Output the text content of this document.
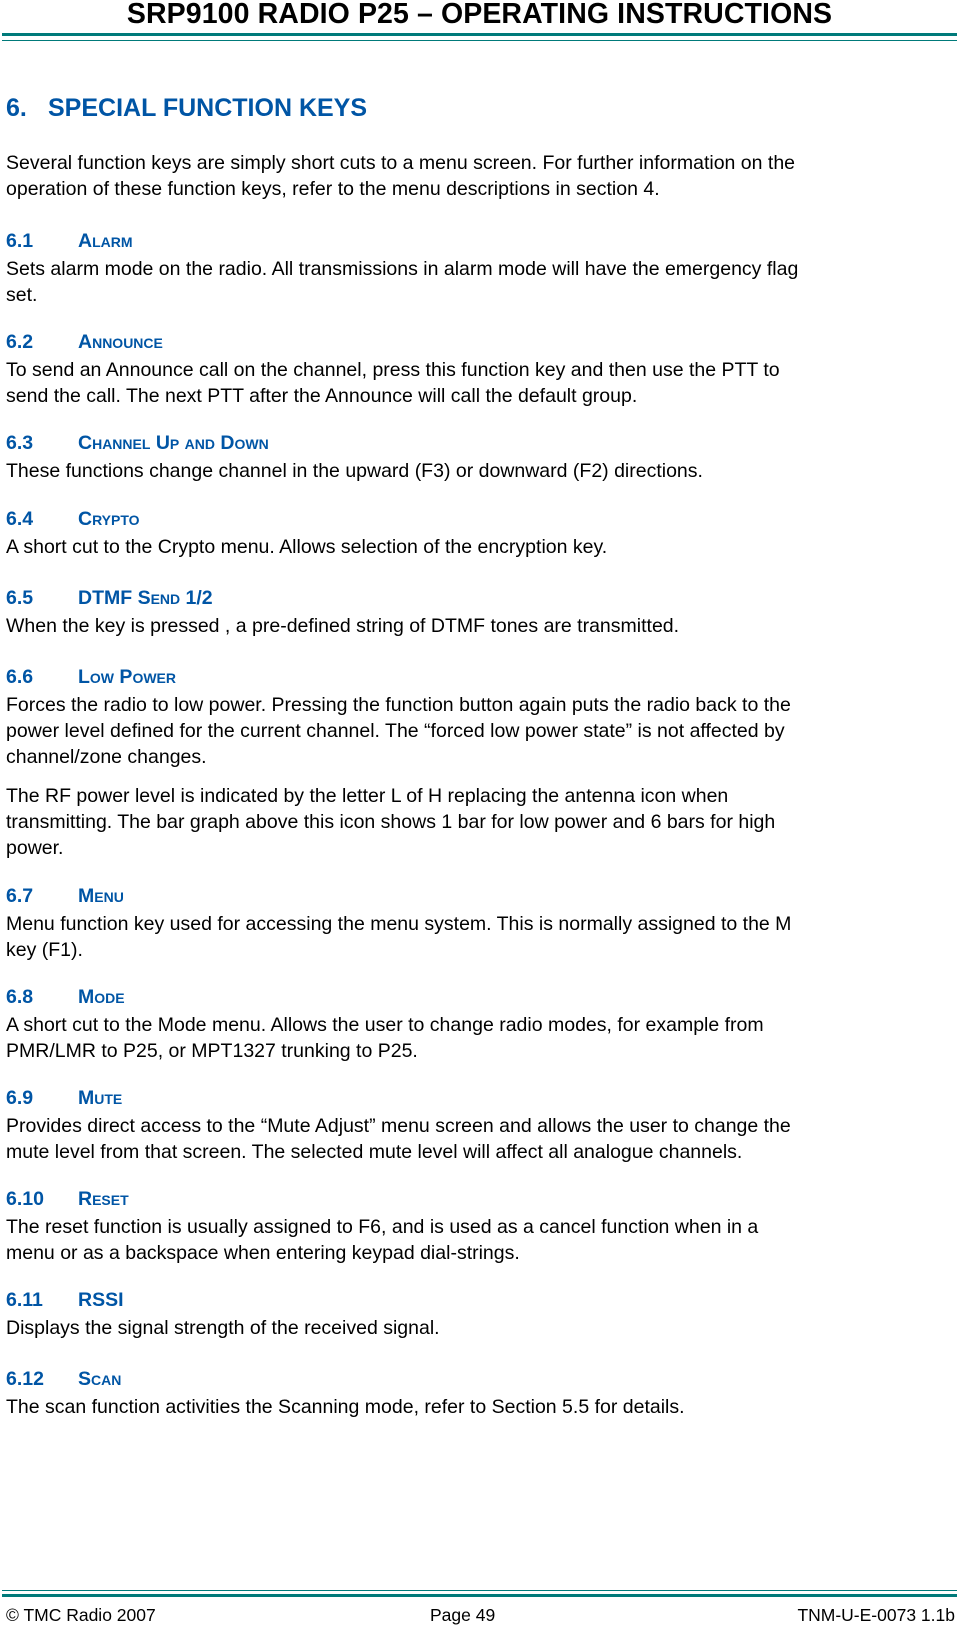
SRP9100 RADIO P25 – OPERATING INSTRUCTIONS
6. SPECIAL FUNCTION KEYS

Several function keys are simply short cuts to a menu screen. For further information on the

operation of these function keys, refer to the menu descriptions in section 4.

6.1 Alarm

Sets alarm mode on the radio. All transmissions in alarm mode will have the emergency flag

set.

6.2 Announce

To send an Announce call on the channel, press this function key and then use the PTT to

send the call. The next PTT after the Announce will call the default group.

6.3 Channel Up and Down

These functions change channel in the upward (F3) or downward (F2) directions.

6.4 Crypto

A short cut to the Crypto menu. Allows selection of the encryption key.

6.5 DTMF Send 1/2

When the key is pressed , a pre-defined string of DTMF tones are transmitted.

6.6 Low Power

Forces the radio to low power. Pressing the function button again puts the radio back to the

power level defined for the current channel. The “forced low power state” is not affected by

channel/zone changes.

The RF power level is indicated by the letter L of H replacing the antenna icon when

transmitting. The bar graph above this icon shows 1 bar for low power and 6 bars for high

power.

6.7 Menu

Menu function key used for accessing the menu system. This is normally assigned to the M

key (F1).

6.8 Mode

A short cut to the Mode menu. Allows the user to change radio modes, for example from

PMR/LMR to P25, or MPT1327 trunking to P25.

6.9 Mute

Provides direct access to the “Mute Adjust” menu screen and allows the user to change the

mute level from that screen. The selected mute level will affect all analogue channels.

6.10 Reset

The reset function is usually assigned to F6, and is used as a cancel function when in a

menu or as a backspace when entering keypad dial-strings.

6.11 RSSI

Displays the signal strength of the received signal.

6.12 Scan

The scan function activities the Scanning mode, refer to Section 5.5 for details.

© TMC Radio 2007	Page 49	TNM-U-E-0073 1.1b
